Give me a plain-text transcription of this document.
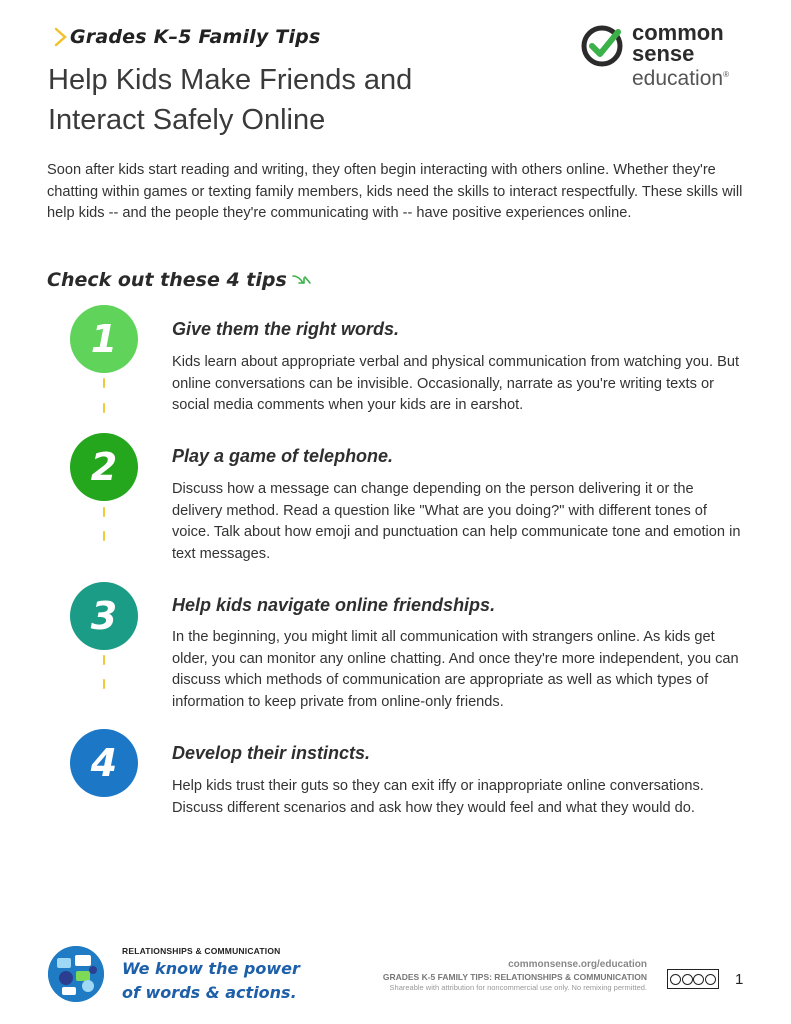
Grades K–5 Family Tips
Help Kids Make Friends and
Interact Safely Online
common
sense
education®

Soon after kids start reading and writing, they often begin interacting with others online. Whether they're chatting within games or texting family members, kids need the skills to interact respectfully. These skills will help kids -- and the people they're communicating with -- have positive experiences online.

Check out these 4 tips
1	Give them the right words.

Kids learn about appropriate verbal and physical communication from watching you. But online conversations can be invisible. Occasionally, narrate as you're writing texts or social media comments when your kids are in earshot.

2	Play a game of telephone.

Discuss how a message can change depending on the person delivering it or the delivery method. Read a question like "What are you doing?" with different tones of voice. Talk about how emoji and punctuation can help communicate tone and emotion in text messages.

3	Help kids navigate online friendships.

In the beginning, you might limit all communication with strangers online. As kids get older, you can monitor any online chatting. And once they're more independent, you can discuss which methods of communication are appropriate as well as which types of information to keep private from online-only friends.

4	Develop their instincts.

Help kids trust their guts so they can exit iffy or inappropriate online conversations. Discuss different scenarios and ask how they would feel and what they would do.

RELATIONSHIPS & COMMUNICATION
We know the power
of words & actions.
commonsense.org/education
GRADES K-5 FAMILY TIPS: RELATIONSHIPS & COMMUNICATION
Shareable with attribution for noncommercial use only. No remixing permitted.	1
